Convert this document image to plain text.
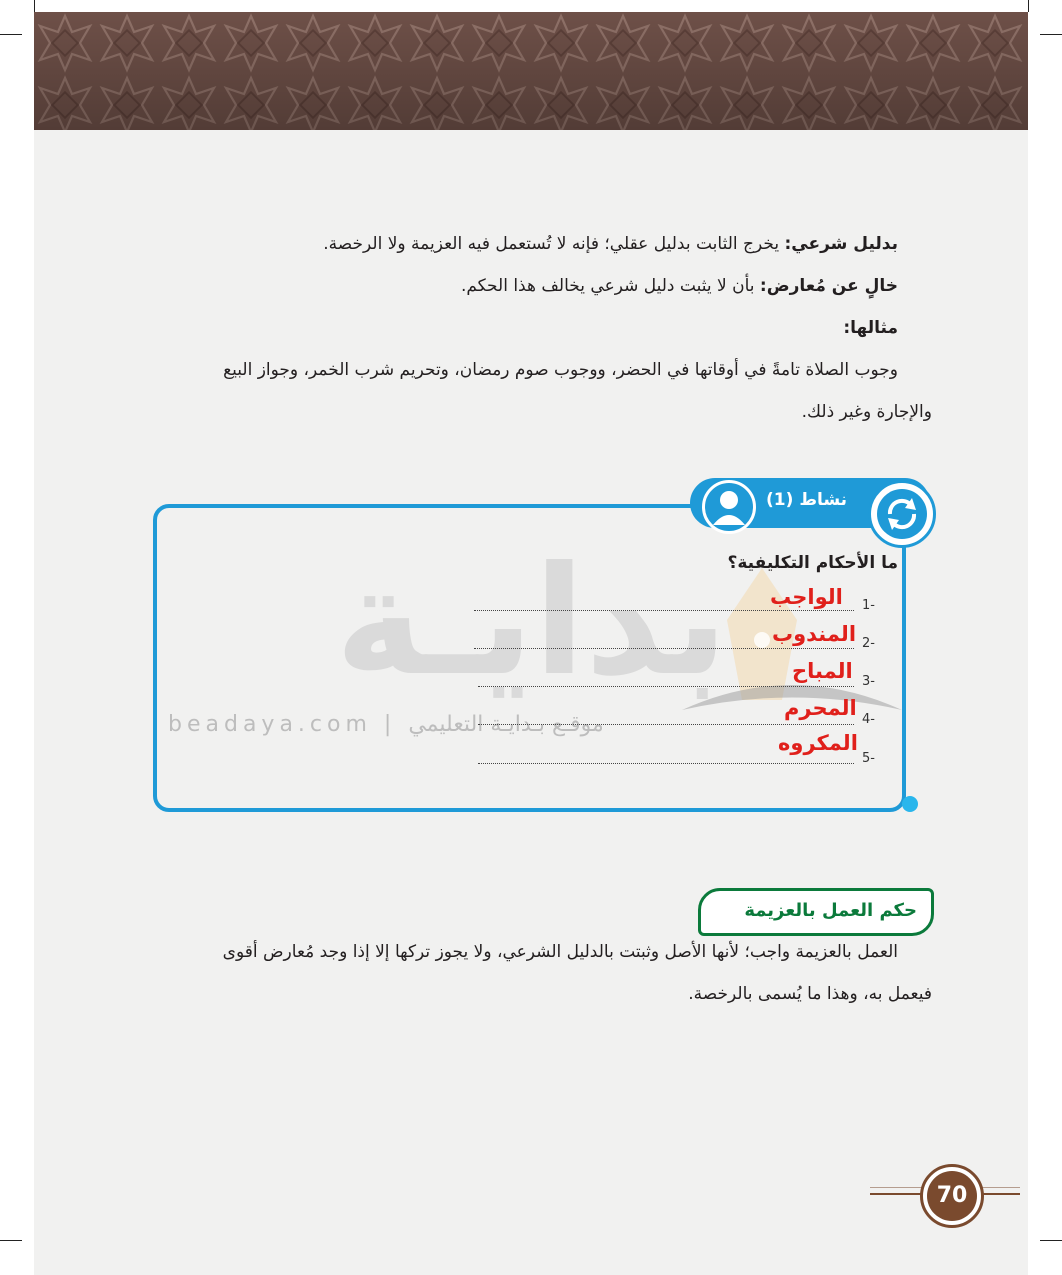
بدليل شرعي: يخرج الثابت بدليل عقلي؛ فإنه لا تُستعمل فيه العزيمة ولا الرخصة.
خالٍ عن مُعارض: بأن لا يثبت دليل شرعي يخالف هذا الحكم.
مثالها:
وجوب الصلاة تامةً في أوقاتها في الحضر، ووجوب صوم رمضان، وتحريم شرب الخمر، وجواز البيع
والإجارة وغير ذلك.
بدايـة
beadaya.com | موقـع بـدايـة التعليمي
نشاط (1)
ما الأحكام التكليفية؟
1-
الواجب
2-
المندوب
3-
المباح
4-
المحرم
5-
المكروه
حكم العمل بالعزيمة
العمل بالعزيمة واجب؛ لأنها الأصل وثبتت بالدليل الشرعي، ولا يجوز تركها إلا إذا وجد مُعارض أقوى
فيعمل به، وهذا ما يُسمى بالرخصة.
70
